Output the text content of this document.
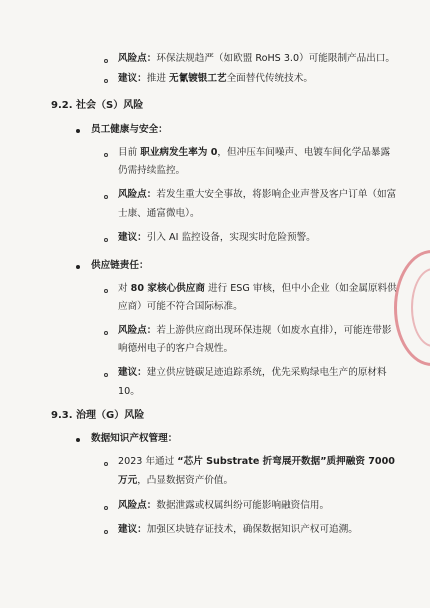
风险点：环保法规趋严（如欧盟 RoHS 3.0）可能限制产品出口。
建议：推进 无氰镀银工艺全面替代传统技术。
9.2. 社会（S）风险
员工健康与安全：
目前 职业病发生率为 0，但冲压车间噪声、电镀车间化学品暴露
仍需持续监控。
风险点：若发生重大安全事故，将影响企业声誉及客户订单（如富
士康、通富微电）。
建议：引入 AI 监控设备，实现实时危险预警。
供应链责任：
对 80 家核心供应商 进行 ESG 审核，但中小企业（如金属原料供
应商）可能不符合国际标准。
风险点：若上游供应商出现环保违规（如废水直排），可能连带影
响德州电子的客户合规性。
建议：建立供应链碳足迹追踪系统，优先采购绿电生产的原材料
10。
9.3. 治理（G）风险
数据知识产权管理：
2023 年通过 “芯片 Substrate 折弯展开数据”质押融资 7000
万元，凸显数据资产价值。
风险点：数据泄露或权属纠纷可能影响融资信用。
建议：加强区块链存证技术，确保数据知识产权可追溯。
